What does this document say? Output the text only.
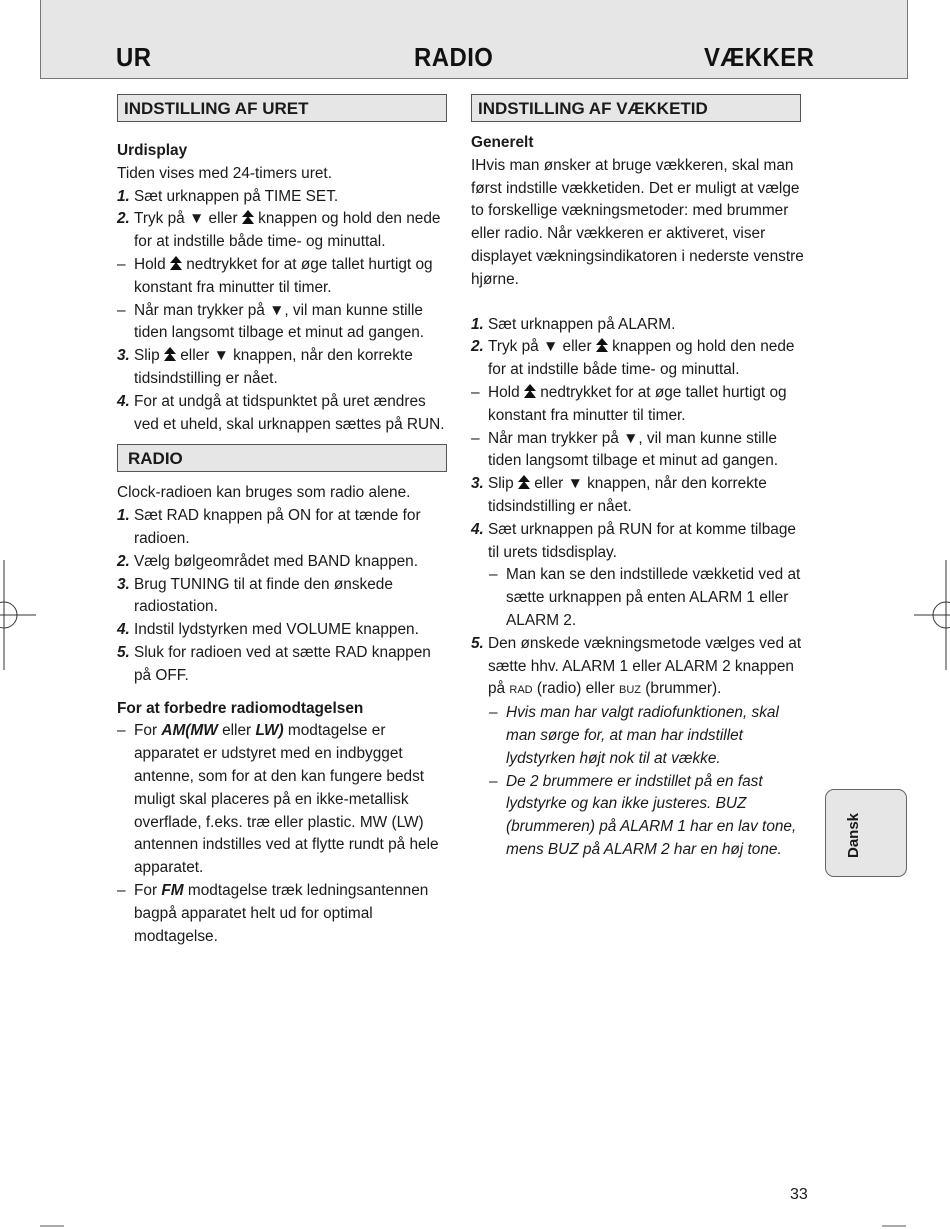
UR	RADIO	VÆKKER
INDSTILLING AF URET

Urdisplay

Tiden vises med 24-timers uret.

1. Sæt urknappen på TIME SET.

2. Tryk på ▼ eller  knappen og hold den nede for at indstille både time- og minuttal.

– Hold  nedtrykket for at øge tallet hurtigt og konstant fra minutter til timer.

– Når man trykker på ▼, vil man kunne stille tiden langsomt tilbage et minut ad gangen.

3. Slip  eller ▼ knappen, når den korrekte tidsindstilling er nået.

4. For at undgå at tidspunktet på uret ændres ved et uheld, skal urknappen sættes på RUN.

RADIO

Clock-radioen kan bruges som radio alene.

1. Sæt RAD knappen på ON for at tænde for radioen.

2. Vælg bølgeområdet med BAND knappen.

3. Brug TUNING til at finde den ønskede radiostation.

4. Indstil lydstyrken med VOLUME knappen.

5. Sluk for radioen ved at sætte RAD knappen på OFF.

For at forbedre radiomodtagelsen

– For AM(MW eller LW) modtagelse er apparatet er udstyret med en indbygget antenne, som for at den kan fungere bedst muligt skal placeres på en ikke-metallisk overflade, f.eks. træ eller plastic. MW (LW) antennen indstilles ved at flytte rundt på hele apparatet.

– For FM modtagelse træk ledningsantennen bagpå apparatet helt ud for optimal modtagelse.

INDSTILLING AF VÆKKETID

Generelt

IHvis man ønsker at bruge vækkeren, skal man først indstille vækketiden. Det er muligt at vælge to forskellige vækningsmetoder: med brummer eller radio. Når vækkeren er aktiveret, viser displayet vækningsindikatoren i nederste venstre hjørne.

1. Sæt urknappen på ALARM.

2. Tryk på ▼ eller  knappen og hold den nede for at indstille både time- og minuttal.

– Hold  nedtrykket for at øge tallet hurtigt og konstant fra minutter til timer.

– Når man trykker på ▼, vil man kunne stille tiden langsomt tilbage et minut ad gangen.

3. Slip  eller ▼ knappen, når den korrekte tidsindstilling er nået.

4. Sæt urknappen på RUN for at komme tilbage til urets tidsdisplay.

– Man kan se den indstillede vækketid ved at sætte urknappen på enten ALARM 1 eller ALARM 2.

5. Den ønskede vækningsmetode vælges ved at sætte hhv. ALARM 1 eller ALARM 2 knappen på RAD (radio) eller BUZ (brummer).

– Hvis man har valgt radiofunktionen, skal man sørge for, at man har indstillet lydstyrken højt nok til at vække.

– De 2 brummere er indstillet på en fast lydstyrke og kan ikke justeres. BUZ (brummeren) på ALARM 1 har en lav tone, mens BUZ på ALARM 2 har en høj tone.	Dansk
33
